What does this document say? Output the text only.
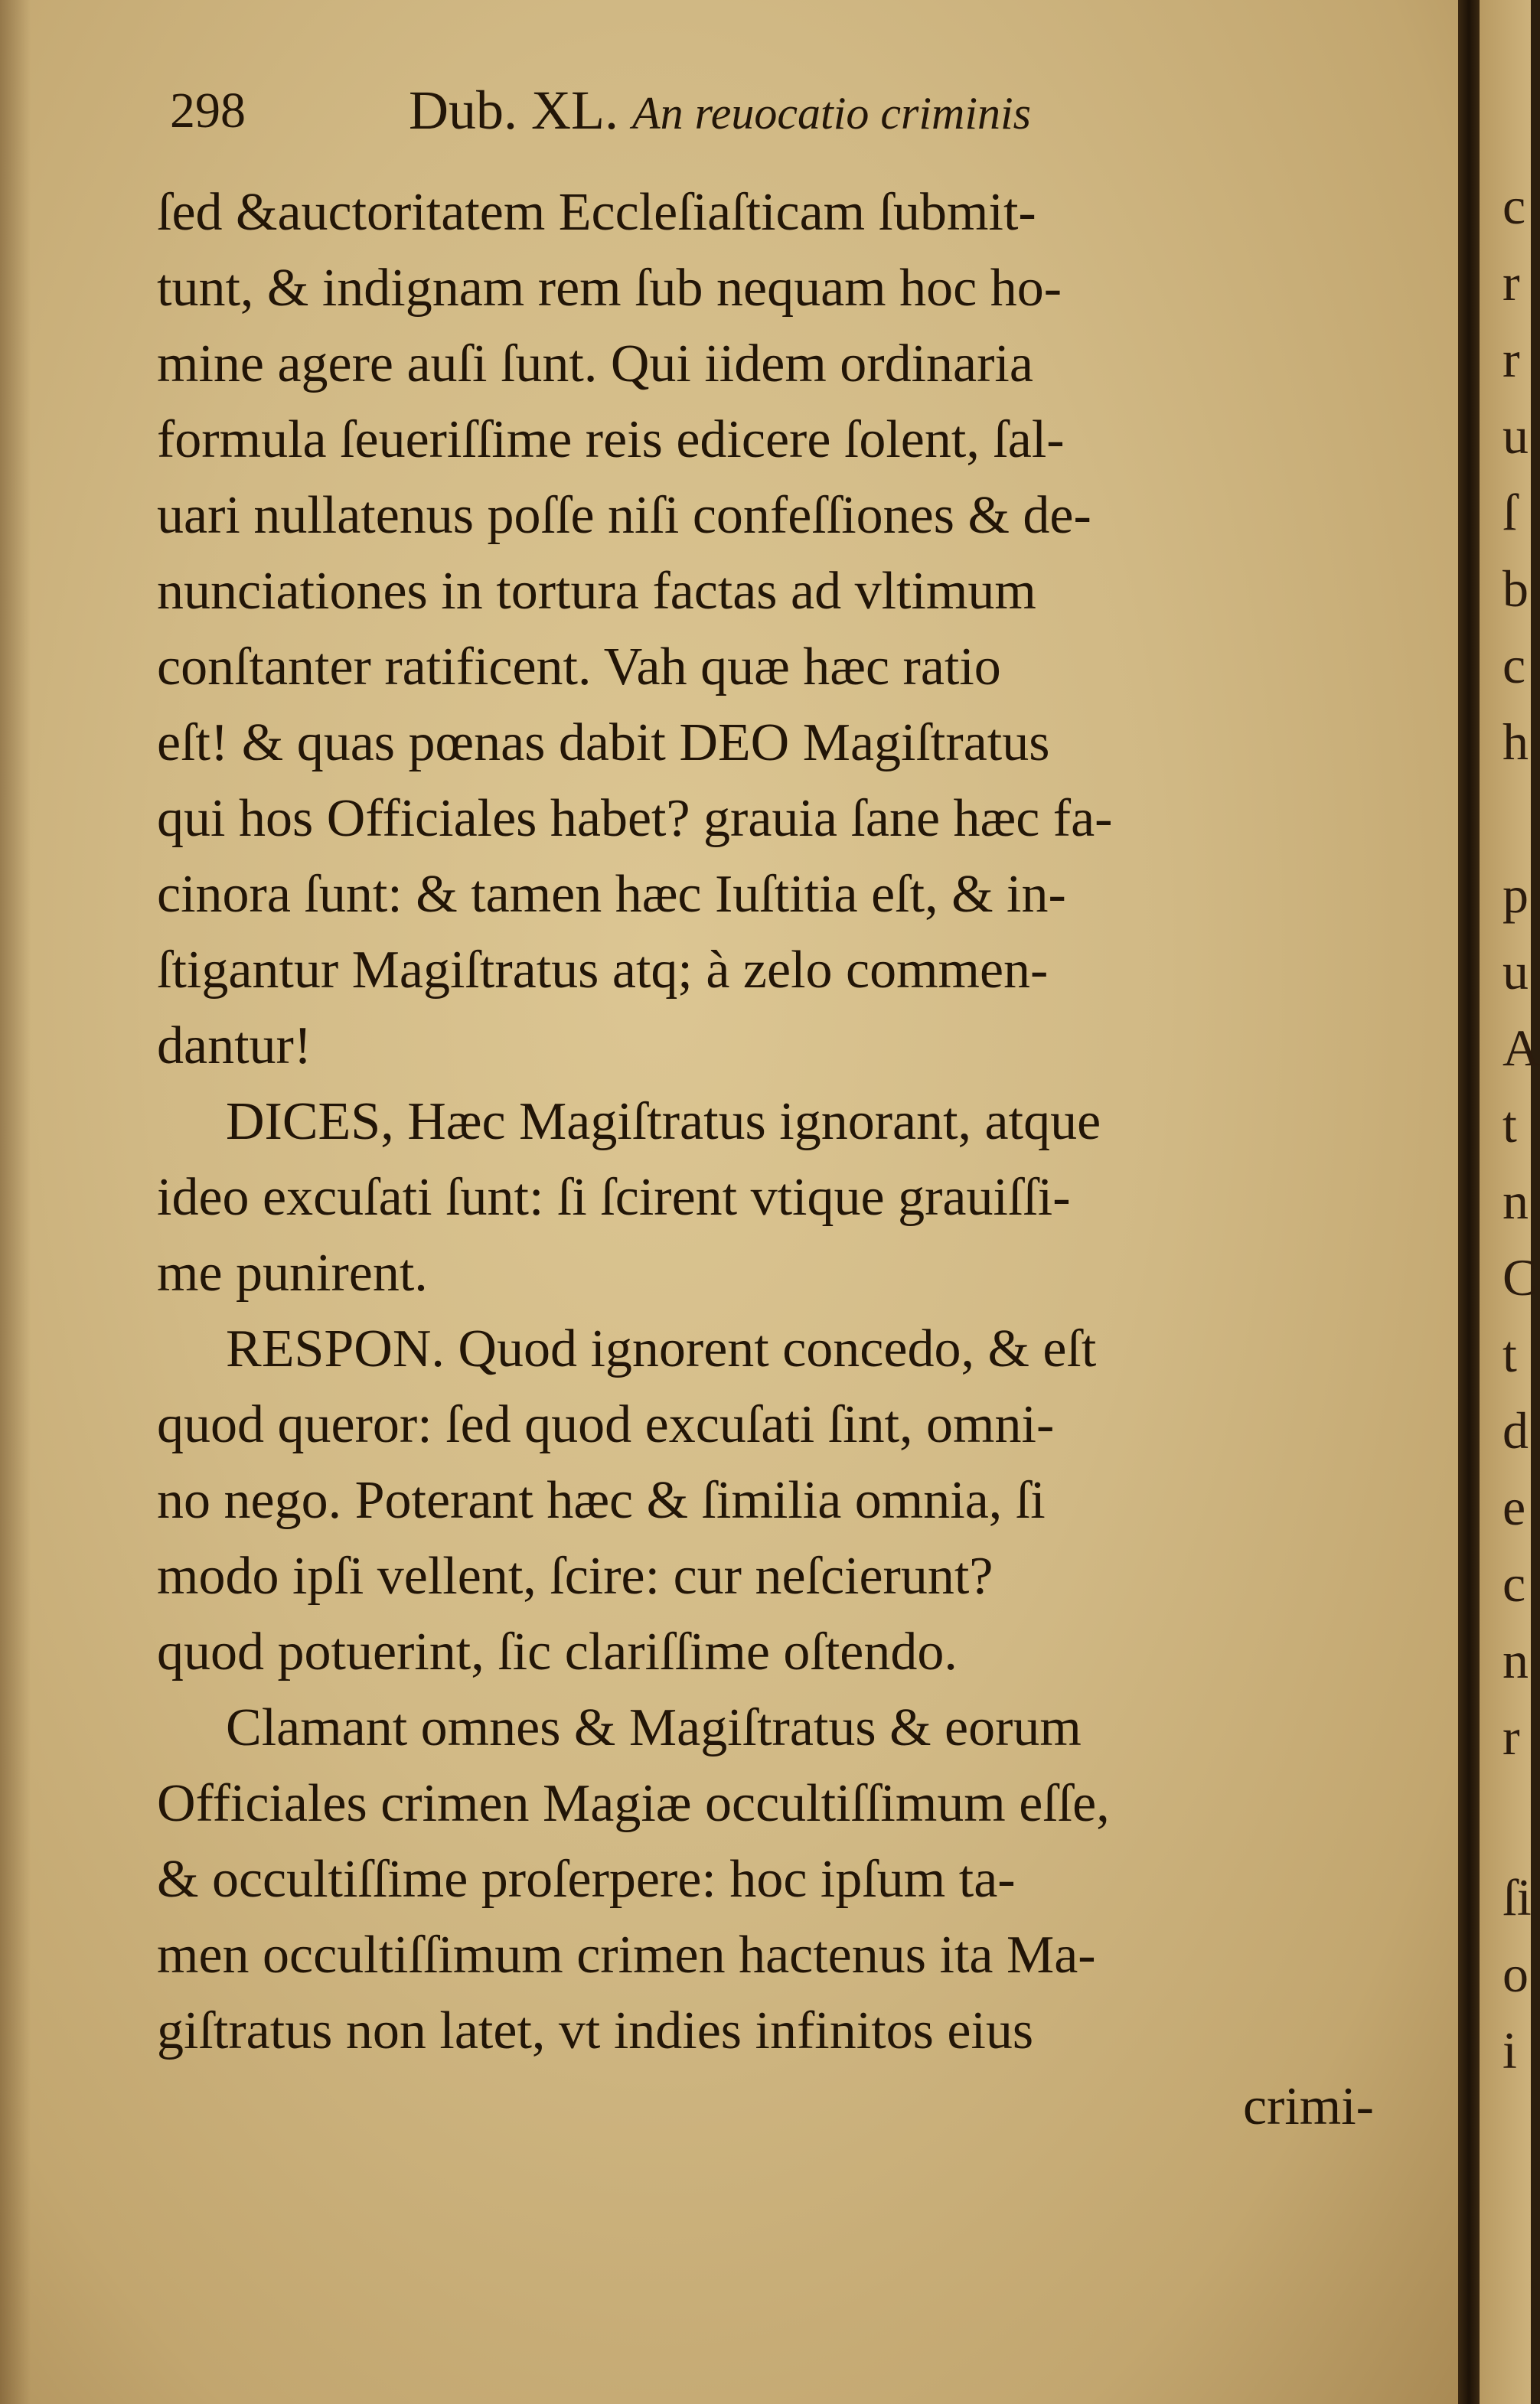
298	Dub. XL. An reuocatio criminis
ſed &auctoritatem Eccleſiaſticam ſubmit-
tunt, & indignam rem ſub nequam hoc ho-
mine agere auſi ſunt. Qui iidem ordinaria
formula ſeueriſſime reis edicere ſolent, ſal-
uari nullatenus poſſe niſi confeſſiones & de-
nunciationes in tortura factas ad vltimum
conſtanter ratificent. Vah quæ hæc ratio
eſt! & quas pœnas dabit DEO Magiſtratus
qui hos Officiales habet? grauia ſane hæc fa-
cinora ſunt: & tamen hæc Iuſtitia eſt, & in-
ſtigantur Magiſtratus atq; à zelo commen-
dantur!
DICES, Hæc Magiſtratus ignorant, atque
ideo excuſati ſunt: ſi ſcirent vtique grauiſſi-
me punirent.
RESPON. Quod ignorent concedo, & eſt
quod queror: ſed quod excuſati ſint, omni-
no nego. Poterant hæc & ſimilia omnia, ſi
modo ipſi vellent, ſcire: cur neſcierunt?
quod potuerint, ſic clariſſime oſtendo.
Clamant omnes & Magiſtratus & eorum
Officiales crimen Magiæ occultiſſimum eſſe,
& occultiſſime proſerpere: hoc ipſum ta-
men occultiſſimum crimen hactenus ita Ma-
giſtratus non latet, vt indies infinitos eius
crimi-
c
r
r
u
ſ
b
c
h
p
u
A
t
n
C
t
d
e
c
n
r
ſi
o
i
